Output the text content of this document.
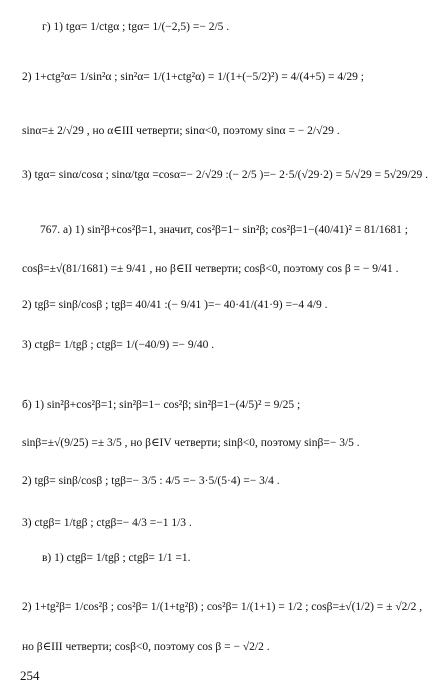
г) 1) tgα= 1/ctgα ; tgα= 1/(−2,5) =− 2/5 .
2) 1+ctg²α= 1/sin²α ; sin²α= 1/(1+ctg²α) = 1/(1+(−5/2)²) = 4/(4+5) = 4/29 ;
sinα=± 2/√29 , но α∈III четверти; sinα<0, поэтому sinα = − 2/√29 .
3) tgα= sinα/cosα ; sinα/tgα =cosα=− 2/√29 :(− 2/5 )=− 2·5/(√29·2) = 5/√29 = 5√29/29 .
767. а) 1) sin²β+cos²β=1, значит, cos²β=1− sin²β; cos²β=1−(40/41)² = 81/1681 ;
cosβ=±√(81/1681) =± 9/41 , но β∈II четверти; cosβ<0, поэтому cos β = − 9/41 .
2) tgβ= sinβ/cosβ ; tgβ= 40/41 :(− 9/41 )=− 40·41/(41·9) =−4 4/9 .
3) ctgβ= 1/tgβ ; ctgβ= 1/(−40/9) =− 9/40 .
б) 1) sin²β+cos²β=1; sin²β=1− cos²β; sin²β=1−(4/5)² = 9/25 ;
sinβ=±√(9/25) =± 3/5 , но β∈IV четверти; sinβ<0, поэтому sinβ=− 3/5 .
2) tgβ= sinβ/cosβ ; tgβ=− 3/5 : 4/5 =− 3·5/(5·4) =− 3/4 .
3) ctgβ= 1/tgβ ; ctgβ=− 4/3 =−1 1/3 .
в) 1) ctgβ= 1/tgβ ; ctgβ= 1/1 =1.
2) 1+tg²β= 1/cos²β ; cos²β= 1/(1+tg²β) ; cos²β= 1/(1+1) = 1/2 ; cosβ=±√(1/2) = ± √2/2 ,
но β∈III четверти; cosβ<0, поэтому cos β = − √2/2 .
254
